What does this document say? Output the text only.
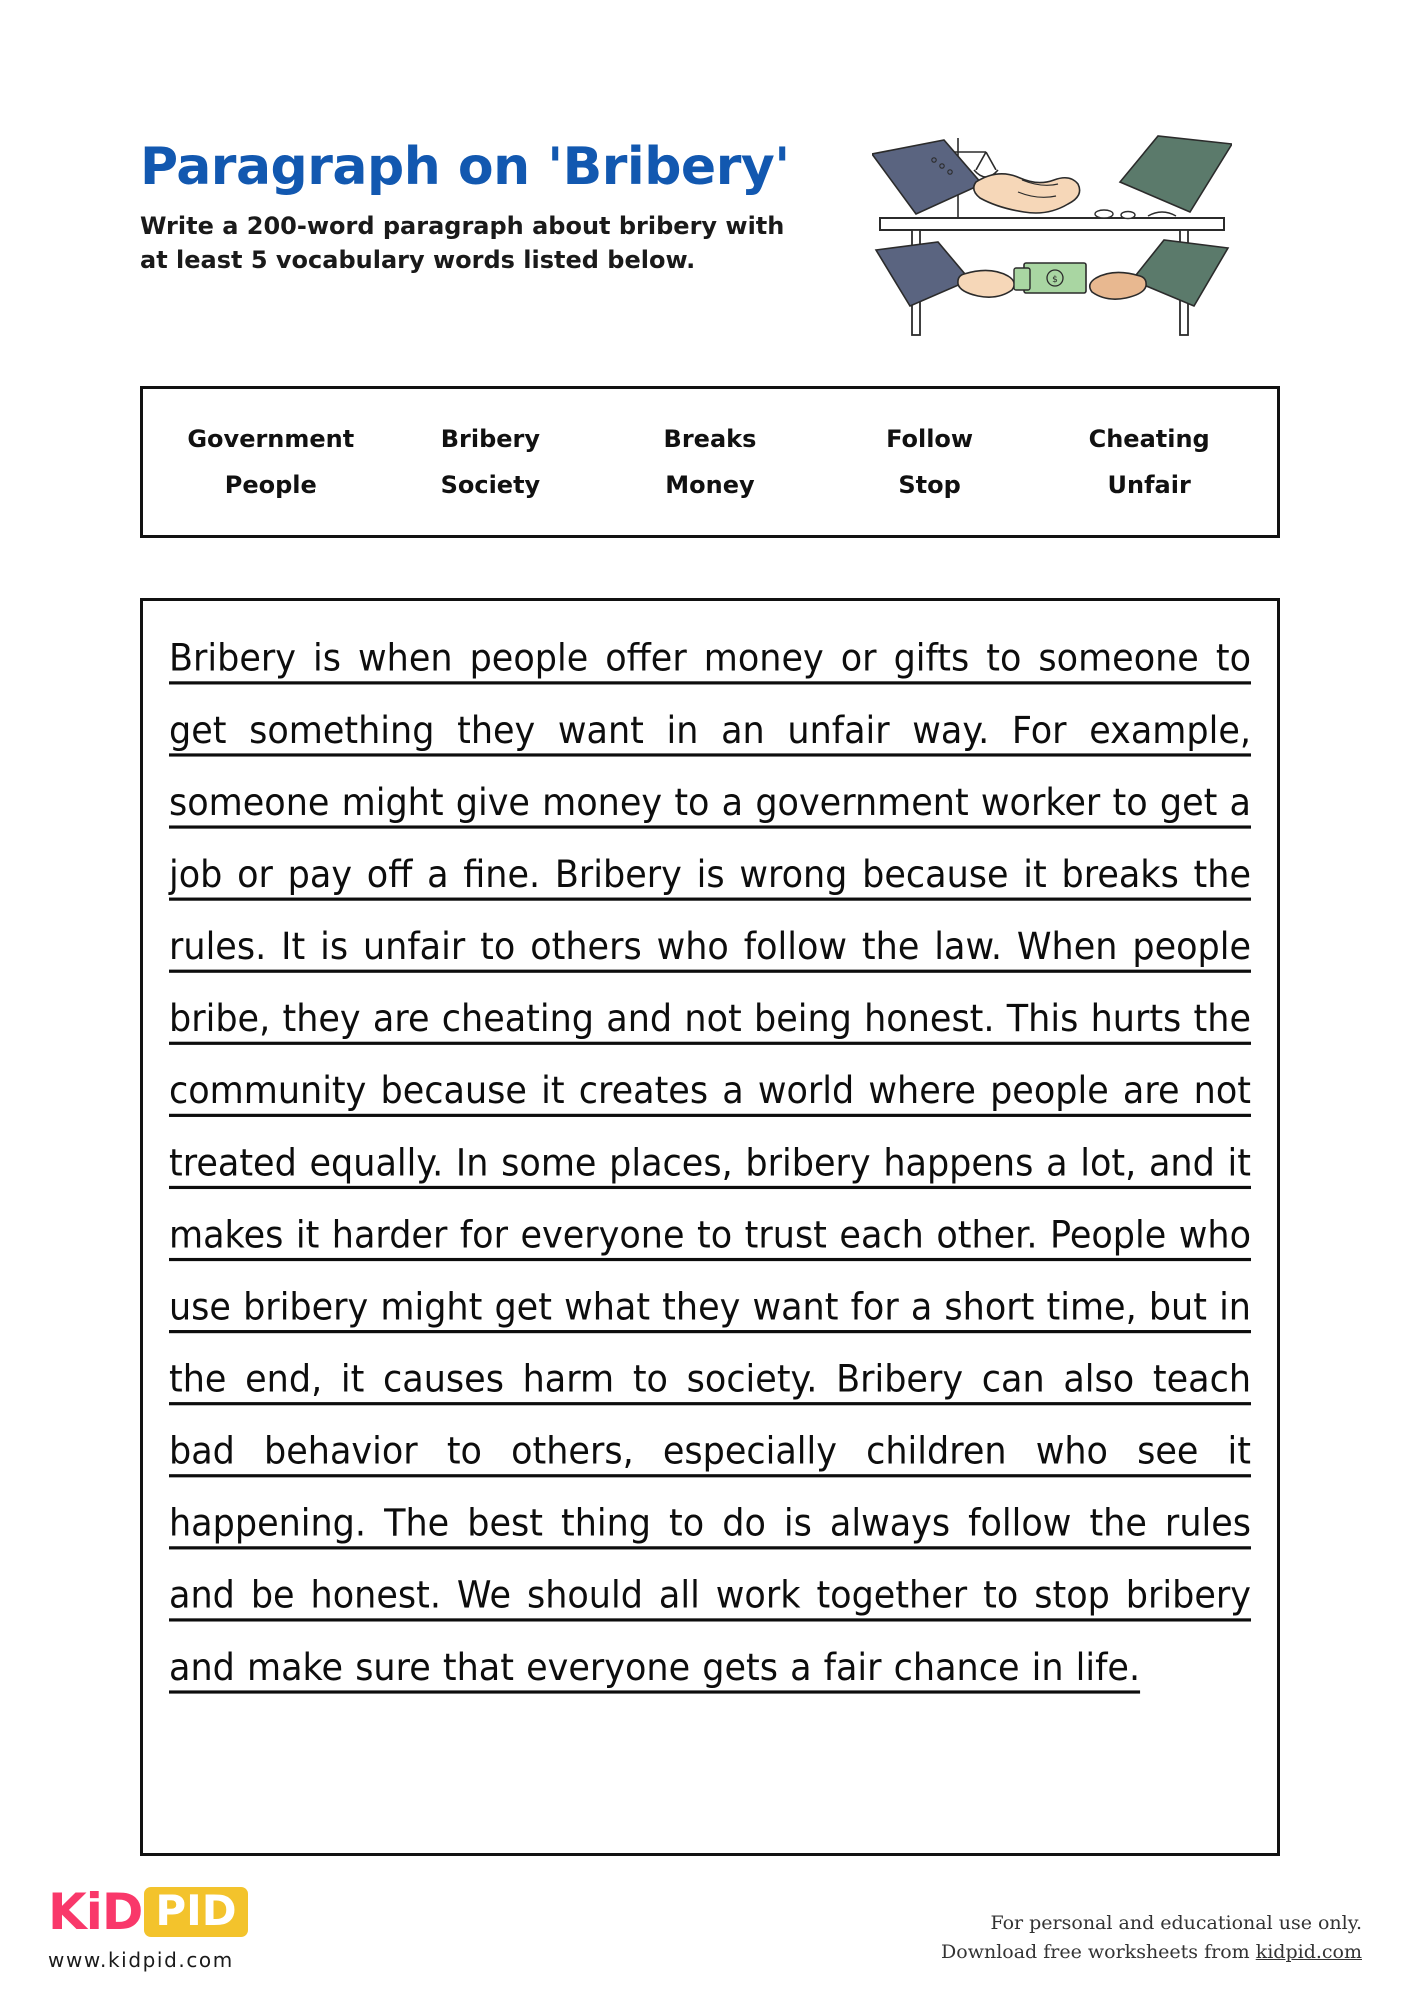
Paragraph on 'Bribery'

Write a 200-word paragraph about bribery with at least 5 vocabulary words listed below.

$
Government	Bribery	Breaks	Follow	Cheating
People	Society	Money	Stop	Unfair

Bribery is when people offer money or gifts to someone to get something they want in an unfair way. For example, someone might give money to a government worker to get a job or pay off a fine. Bribery is wrong because it breaks the rules. It is unfair to others who follow the law. When people bribe, they are cheating and not being honest. This hurts the community because it creates a world where people are not treated equally. In some places, bribery happens a lot, and it makes it harder for everyone to trust each other. People who use bribery might get what they want for a short time, but in the end, it causes harm to society. Bribery can also teach bad behavior to others, especially children who see it happening. The best thing to do is always follow the rules and be honest. We should all work together to stop bribery and make sure that everyone gets a fair chance in life.

KiD PID
www.kidpid.com
For personal and educational use only.
Download free worksheets from kidpid.com
